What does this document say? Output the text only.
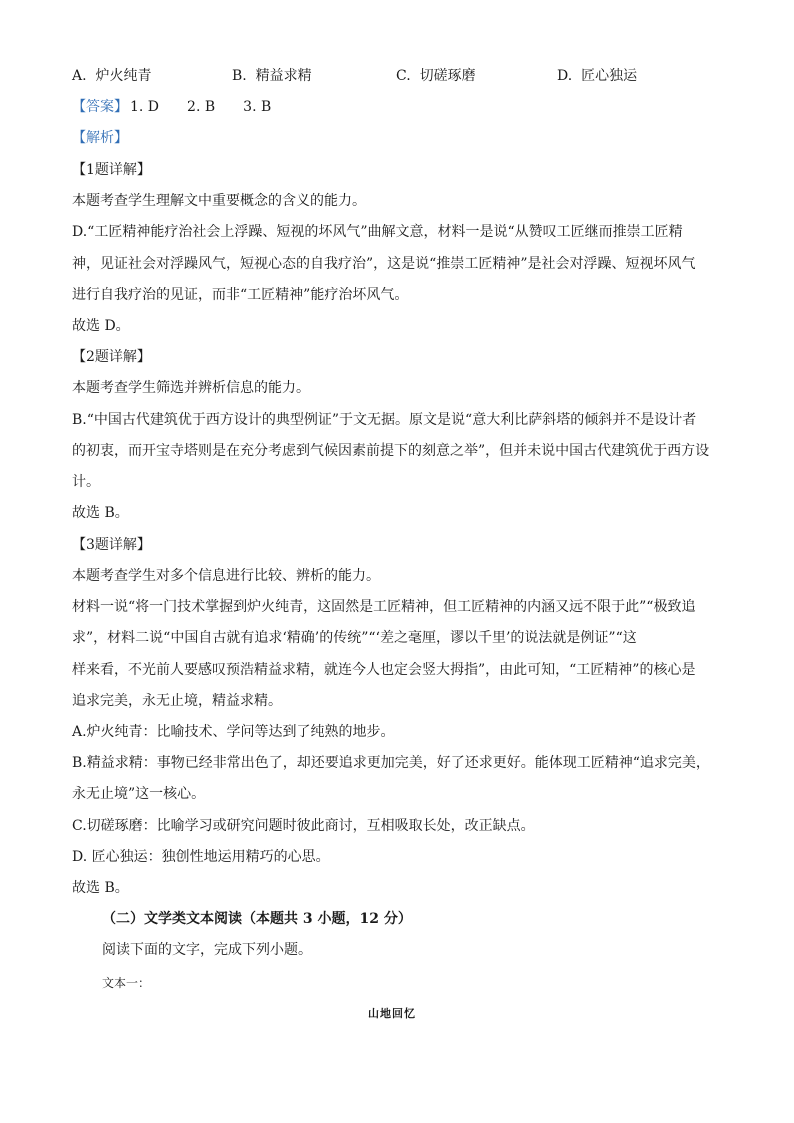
A. 炉火纯青	B. 精益求精	C. 切磋琢磨	D. 匠心独运
【答案】 1. D 2. B 3. B
【解析】
【1题详解】
本题考查学生理解文中重要概念的含义的能力。
D.“工匠精神能疗治社会上浮躁、短视的坏风气”曲解文意，材料一是说“从赞叹工匠继而推崇工匠精
神，见证社会对浮躁风气，短视心态的自我疗治”，这是说“推崇工匠精神”是社会对浮躁、短视坏风气
进行自我疗治的见证，而非“工匠精神”能疗治坏风气。
故选 D。
【2题详解】
本题考查学生筛选并辨析信息的能力。
B.“中国古代建筑优于西方设计的典型例证”于文无据。原文是说“意大利比萨斜塔的倾斜并不是设计者
的初衷，而开宝寺塔则是在充分考虑到气候因素前提下的刻意之举”，但并未说中国古代建筑优于西方设
计。
故选 B。
【3题详解】
本题考查学生对多个信息进行比较、辨析的能力。
材料一说“将一门技术掌握到炉火纯青，这固然是工匠精神，但工匠精神的内涵又远不限于此”“极致追
求”，材料二说“中国自古就有追求‘精确’的传统”“‘差之毫厘，谬以千里’的说法就是例证”“这
样来看，不光前人要感叹预浩精益求精，就连今人也定会竖大拇指”，由此可知，“工匠精神”的核心是
追求完美，永无止境，精益求精。
A.炉火纯青：比喻技术、学问等达到了纯熟的地步。
B.精益求精：事物已经非常出色了，却还要追求更加完美，好了还求更好。能体现工匠精神“追求完美，
永无止境”这一核心。
C.切磋琢磨：比喻学习或研究问题时彼此商讨，互相吸取长处，改正缺点。
D. 匠心独运：独创性地运用精巧的心思。
故选 B。
（二）文学类文本阅读（本题共 3 小题，12 分）
阅读下面的文字，完成下列小题。
文本一：
山地回忆
